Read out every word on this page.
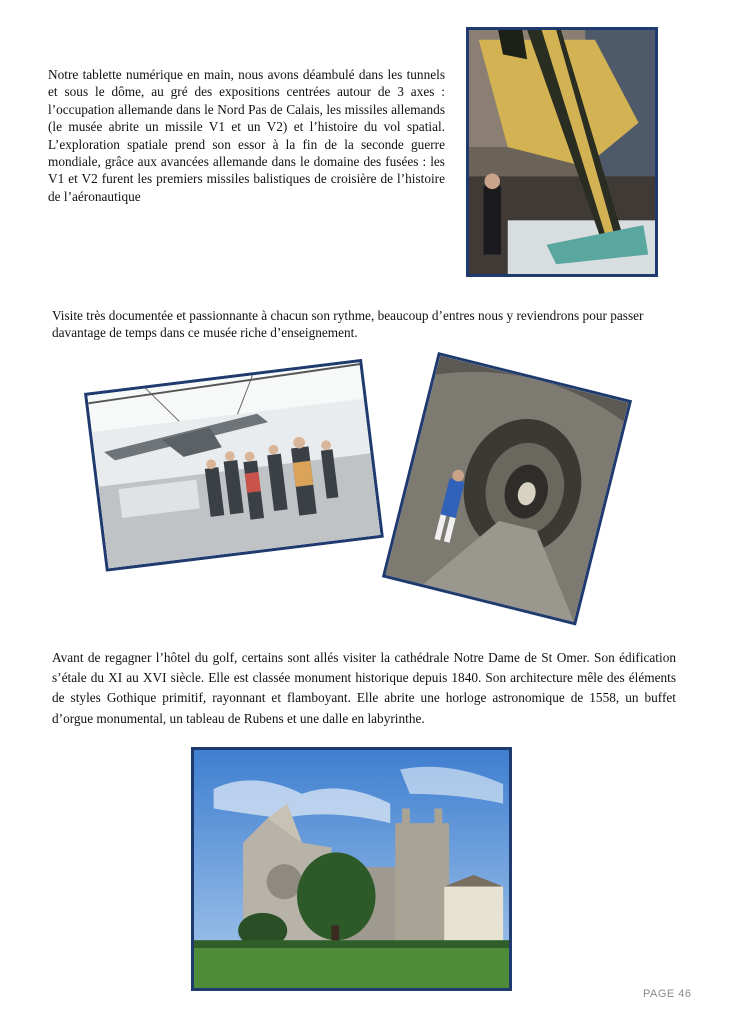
Notre tablette numérique en main, nous avons déambulé dans les tunnels et sous le dôme, au gré des expositions centrées autour de 3 axes : l’occupation allemande dans le Nord Pas de Calais, les missiles allemands (le musée abrite un missile V1 et un V2) et l’histoire du vol spatial. L’exploration spatiale prend son essor à la fin de la seconde guerre mondiale, grâce aux avancées allemande dans le domaine des fusées : les V1 et V2 furent les premiers missiles balistiques de croisière de l’histoire de l’aéronautique

Visite très documentée et passionnante à chacun son rythme, beaucoup d’entres nous y reviendrons pour passer davantage de temps dans ce musée riche d’enseignement.

Avant de regagner l’hôtel du golf, certains sont allés visiter la cathédrale Notre Dame de St Omer. Son édification s’étale du XI au XVI siècle. Elle est classée monument historique depuis 1840. Son architecture mêle des éléments de styles Gothique primitif, rayonnant et flamboyant. Elle abrite une horloge astronomique de 1558, un buffet d’orgue monumental, un tableau de Rubens et une dalle en labyrinthe.

PAGE 46
